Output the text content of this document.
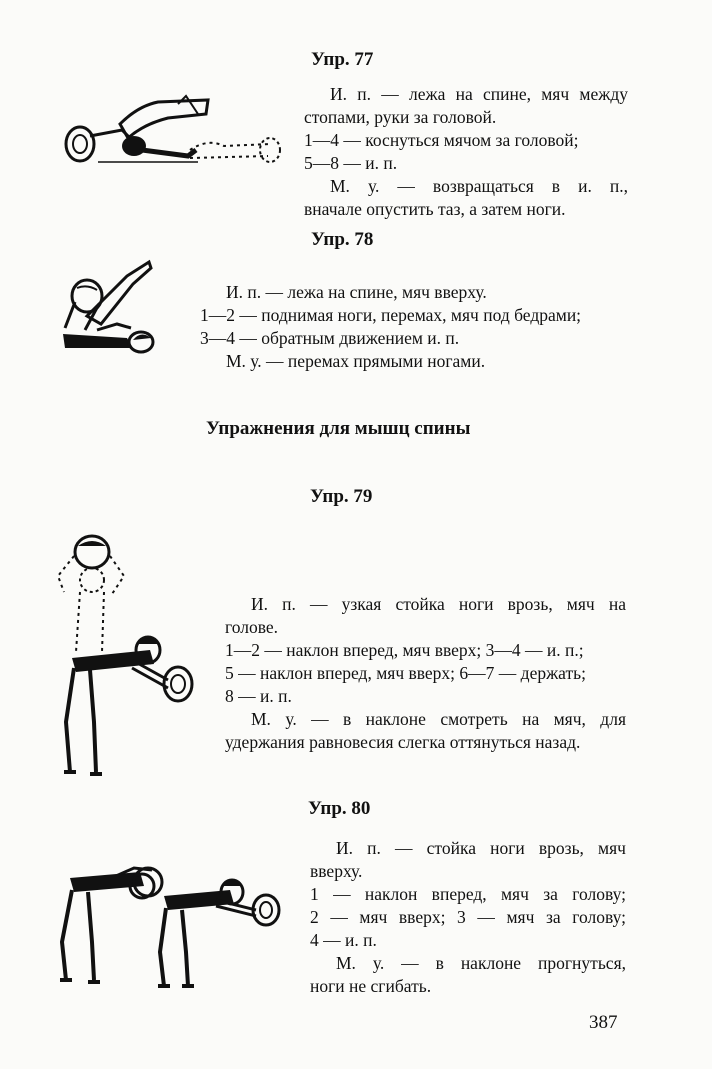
Упр. 77

И. п. — лежа на спине, мяч между

стопами, руки за головой.

1—4 — коснуться мячом за головой;

5—8 — и. п.

М. у. — возвращаться в и. п.,

вначале опустить таз, а затем ноги.

Упр. 78

И. п. — лежа на спине, мяч вверху.

1—2 — поднимая ноги, перемах, мяч под бедрами;

3—4 — обратным движением и. п.

М. у. — перемах прямыми ногами.

Упражнения для мышц спины
Упр. 79

И. п. — узкая стойка ноги врозь, мяч на

голове.

1—2 — наклон вперед, мяч вверх; 3—4 — и. п.;

5 — наклон вперед, мяч вверх; 6—7 — держать;

8 — и. п.

М. у. — в наклоне смотреть на мяч, для

удержания равновесия слегка оттянуться назад.

Упр. 80

И. п. — стойка ноги врозь, мяч

вверху.

1 — наклон вперед, мяч за голову;

2 — мяч вверх; 3 — мяч за голову;

4 — и. п.

М. у. — в наклоне прогнуться,

ноги не сгибать.

387
